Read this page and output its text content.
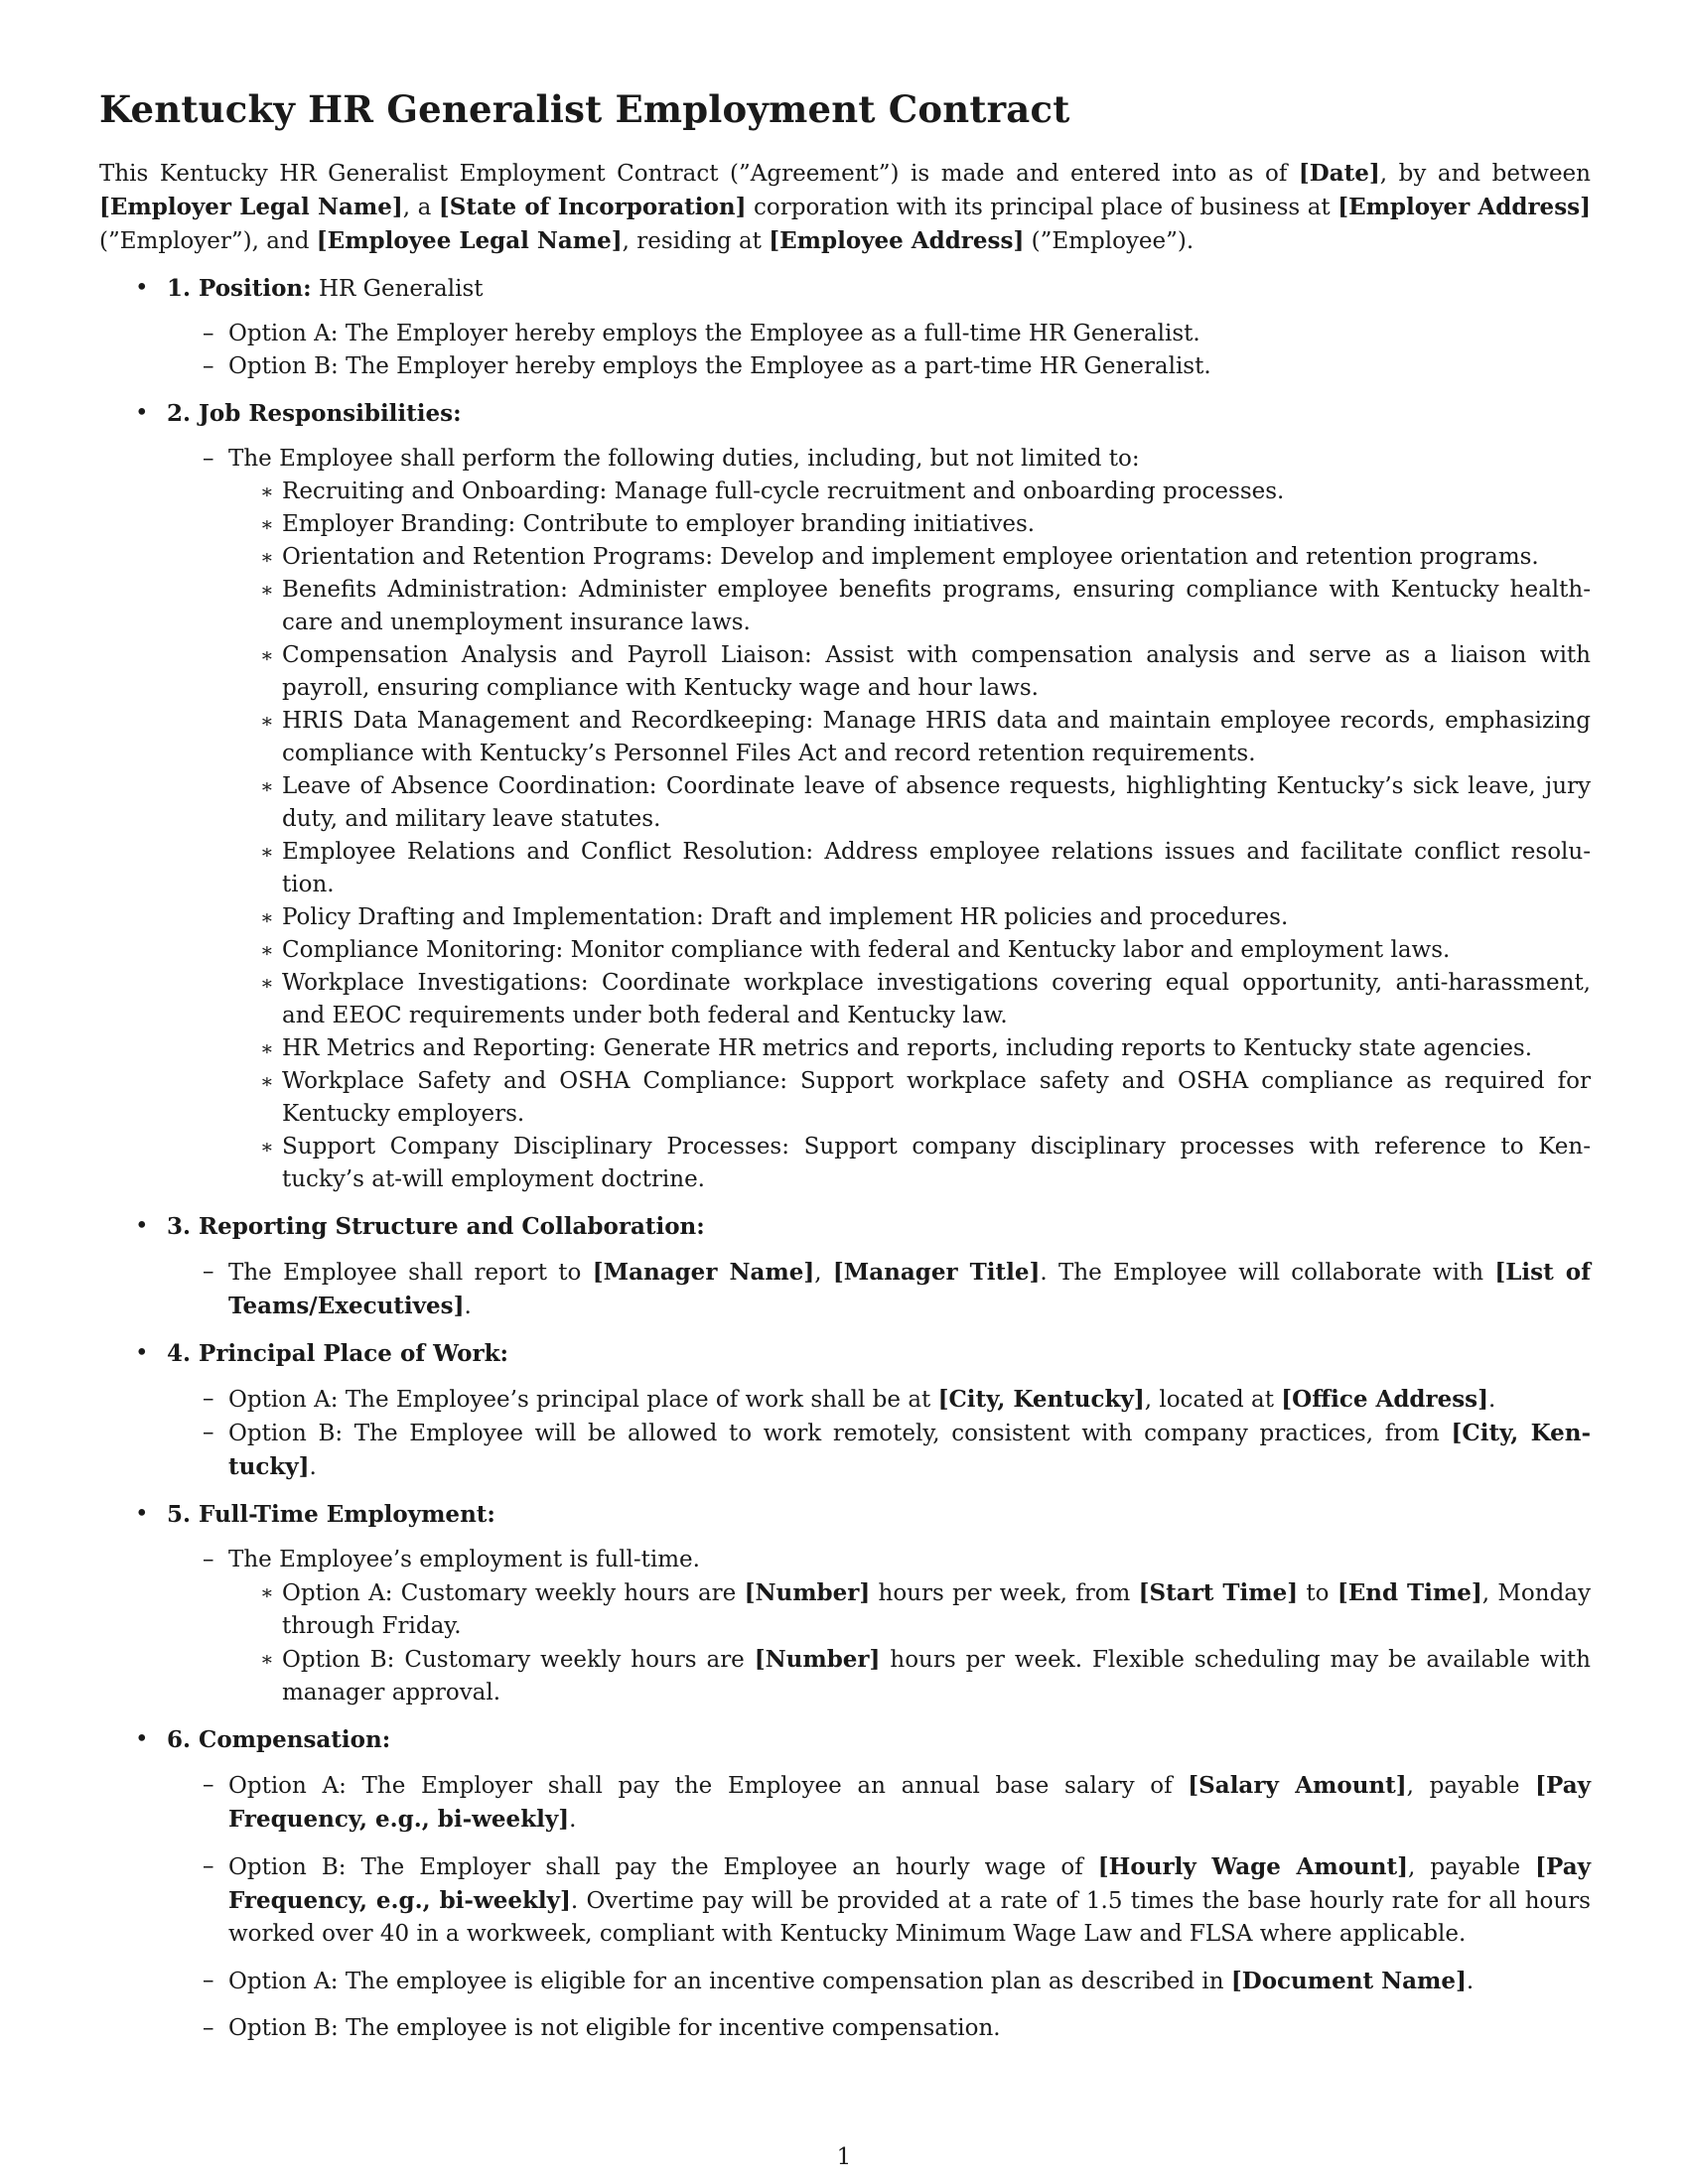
Kentucky HR Generalist Employment Contract

This Kentucky HR Generalist Employment Contract (”Agreement”) is made and entered into as of [Date], by and between [Employer Legal Name], a [State of Incorporation] corporation with its principal place of business at [Employer Address] (”Employer”), and [Employee Legal Name], residing at [Employee Address] (”Employee”).

• 1. Position: HR Generalist
– Option A: The Employer hereby employs the Employee as a full-time HR Generalist.
– Option B: The Employer hereby employs the Employee as a part-time HR Generalist.
• 2. Job Responsibilities:
– The Employee shall perform the following duties, including, but not limited to:
∗ Recruiting and Onboarding: Manage full-cycle recruitment and onboarding processes.
∗ Employer Branding: Contribute to employer branding initiatives.
∗ Orientation and Retention Programs: Develop and implement employee orientation and retention programs.
∗ Benefits Administration: Administer employee benefits programs, ensuring compliance with Kentucky health-care and unemployment insurance laws.
∗ Compensation Analysis and Payroll Liaison: Assist with compensation analysis and serve as a liaison with payroll, ensuring compliance with Kentucky wage and hour laws.
∗ HRIS Data Management and Recordkeeping: Manage HRIS data and maintain employee records, emphasizing compliance with Kentucky’s Personnel Files Act and record retention requirements.
∗ Leave of Absence Coordination: Coordinate leave of absence requests, highlighting Kentucky’s sick leave, jury duty, and military leave statutes.
∗ Employee Relations and Conflict Resolution: Address employee relations issues and facilitate conflict resolu-tion.
∗ Policy Drafting and Implementation: Draft and implement HR policies and procedures.
∗ Compliance Monitoring: Monitor compliance with federal and Kentucky labor and employment laws.
∗ Workplace Investigations: Coordinate workplace investigations covering equal opportunity, anti-harassment, and EEOC requirements under both federal and Kentucky law.
∗ HR Metrics and Reporting: Generate HR metrics and reports, including reports to Kentucky state agencies.
∗ Workplace Safety and OSHA Compliance: Support workplace safety and OSHA compliance as required for Kentucky employers.
∗ Support Company Disciplinary Processes: Support company disciplinary processes with reference to Ken-tucky’s at-will employment doctrine.
• 3. Reporting Structure and Collaboration:
– The Employee shall report to [Manager Name], [Manager Title]. The Employee will collaborate with [List of Teams/Executives].
• 4. Principal Place of Work:
– Option A: The Employee’s principal place of work shall be at [City, Kentucky], located at [Office Address].
– Option B: The Employee will be allowed to work remotely, consistent with company practices, from [City, Ken-tucky].
• 5. Full-Time Employment:
– The Employee’s employment is full-time.
∗ Option A: Customary weekly hours are [Number] hours per week, from [Start Time] to [End Time], Monday through Friday.
∗ Option B: Customary weekly hours are [Number] hours per week. Flexible scheduling may be available with manager approval.
• 6. Compensation:
– Option A: The Employer shall pay the Employee an annual base salary of [Salary Amount], payable [Pay Frequency, e.g., bi-weekly].
– Option B: The Employer shall pay the Employee an hourly wage of [Hourly Wage Amount], payable [Pay Frequency, e.g., bi-weekly]. Overtime pay will be provided at a rate of 1.5 times the base hourly rate for all hours worked over 40 in a workweek, compliant with Kentucky Minimum Wage Law and FLSA where applicable.
– Option A: The employee is eligible for an incentive compensation plan as described in [Document Name].
– Option B: The employee is not eligible for incentive compensation.
1
